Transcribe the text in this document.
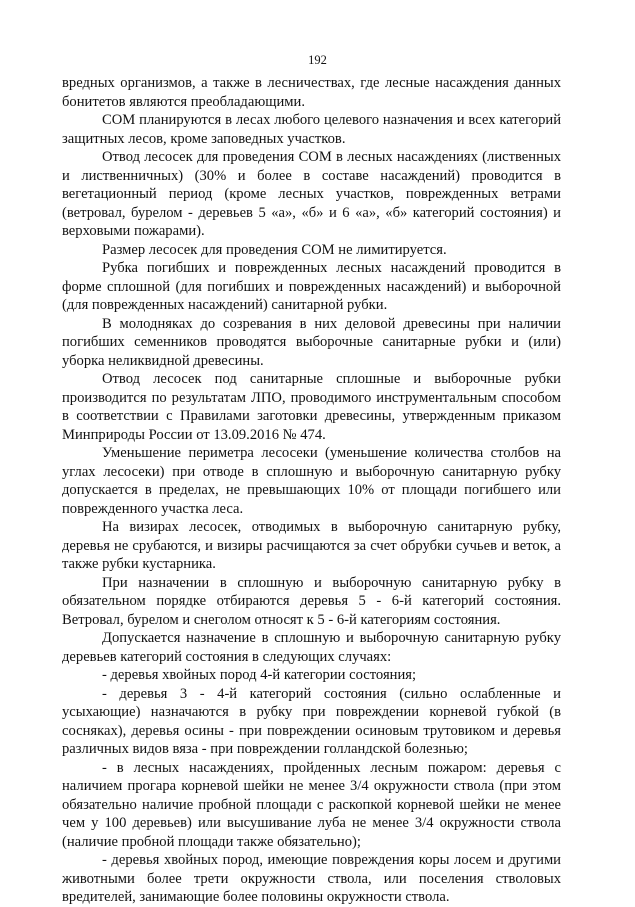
192

вредных организмов, а также в лесничествах, где лесные насаждения данных бонитетов являются преобладающими.

СОМ планируются в лесах любого целевого назначения и всех категорий защитных лесов, кроме заповедных участков.

Отвод лесосек для проведения СОМ в лесных насаждениях (лиственных и лиственничных) (30% и более в составе насаждений) проводится в вегетационный период (кроме лесных участков, поврежденных ветрами (ветровал, бурелом - деревьев 5 «а», «б» и 6 «а», «б» категорий состояния) и верховыми пожарами).

Размер лесосек для проведения СОМ не лимитируется.

Рубка погибших и поврежденных лесных насаждений проводится в форме сплошной (для погибших и поврежденных насаждений) и выборочной (для поврежденных насаждений) санитарной рубки.

В молодняках до созревания в них деловой древесины при наличии погибших семенников проводятся выборочные санитарные рубки и (или) уборка неликвидной древесины.

Отвод лесосек под санитарные сплошные и выборочные рубки производится по результатам ЛПО, проводимого инструментальным способом в соответствии с Правилами заготовки древесины, утвержденным приказом Минприроды России от 13.09.2016 № 474.

Уменьшение периметра лесосеки (уменьшение количества столбов на углах лесосеки) при отводе в сплошную и выборочную санитарную рубку допускается в пределах, не превышающих 10% от площади погибшего или поврежденного участка леса.

На визирах лесосек, отводимых в выборочную санитарную рубку, деревья не срубаются, и визиры расчищаются за счет обрубки сучьев и веток, а также рубки кустарника.

При назначении в сплошную и выборочную санитарную рубку в обязательном порядке отбираются деревья 5 - 6-й категорий состояния. Ветровал, бурелом и снеголом относят к 5 - 6-й категориям состояния.

Допускается назначение в сплошную и выборочную санитарную рубку деревьев категорий состояния в следующих случаях:

- деревья хвойных пород 4-й категории состояния;

- деревья 3 - 4-й категорий состояния (сильно ослабленные и усыхающие) назначаются в рубку при повреждении корневой губкой (в сосняках), деревья осины - при повреждении осиновым трутовиком и деревья различных видов вяза - при повреждении голландской болезнью;

- в лесных насаждениях, пройденных лесным пожаром: деревья с наличием прогара корневой шейки не менее 3/4 окружности ствола (при этом обязательно наличие пробной площади с раскопкой корневой шейки не менее чем у 100 деревьев) или высушивание луба не менее 3/4 окружности ствола (наличие пробной площади также обязательно);

- деревья хвойных пород, имеющие повреждения коры лосем и другими животными более трети окружности ствола, или поселения стволовых вредителей, занимающие более половины окружности ствола.
